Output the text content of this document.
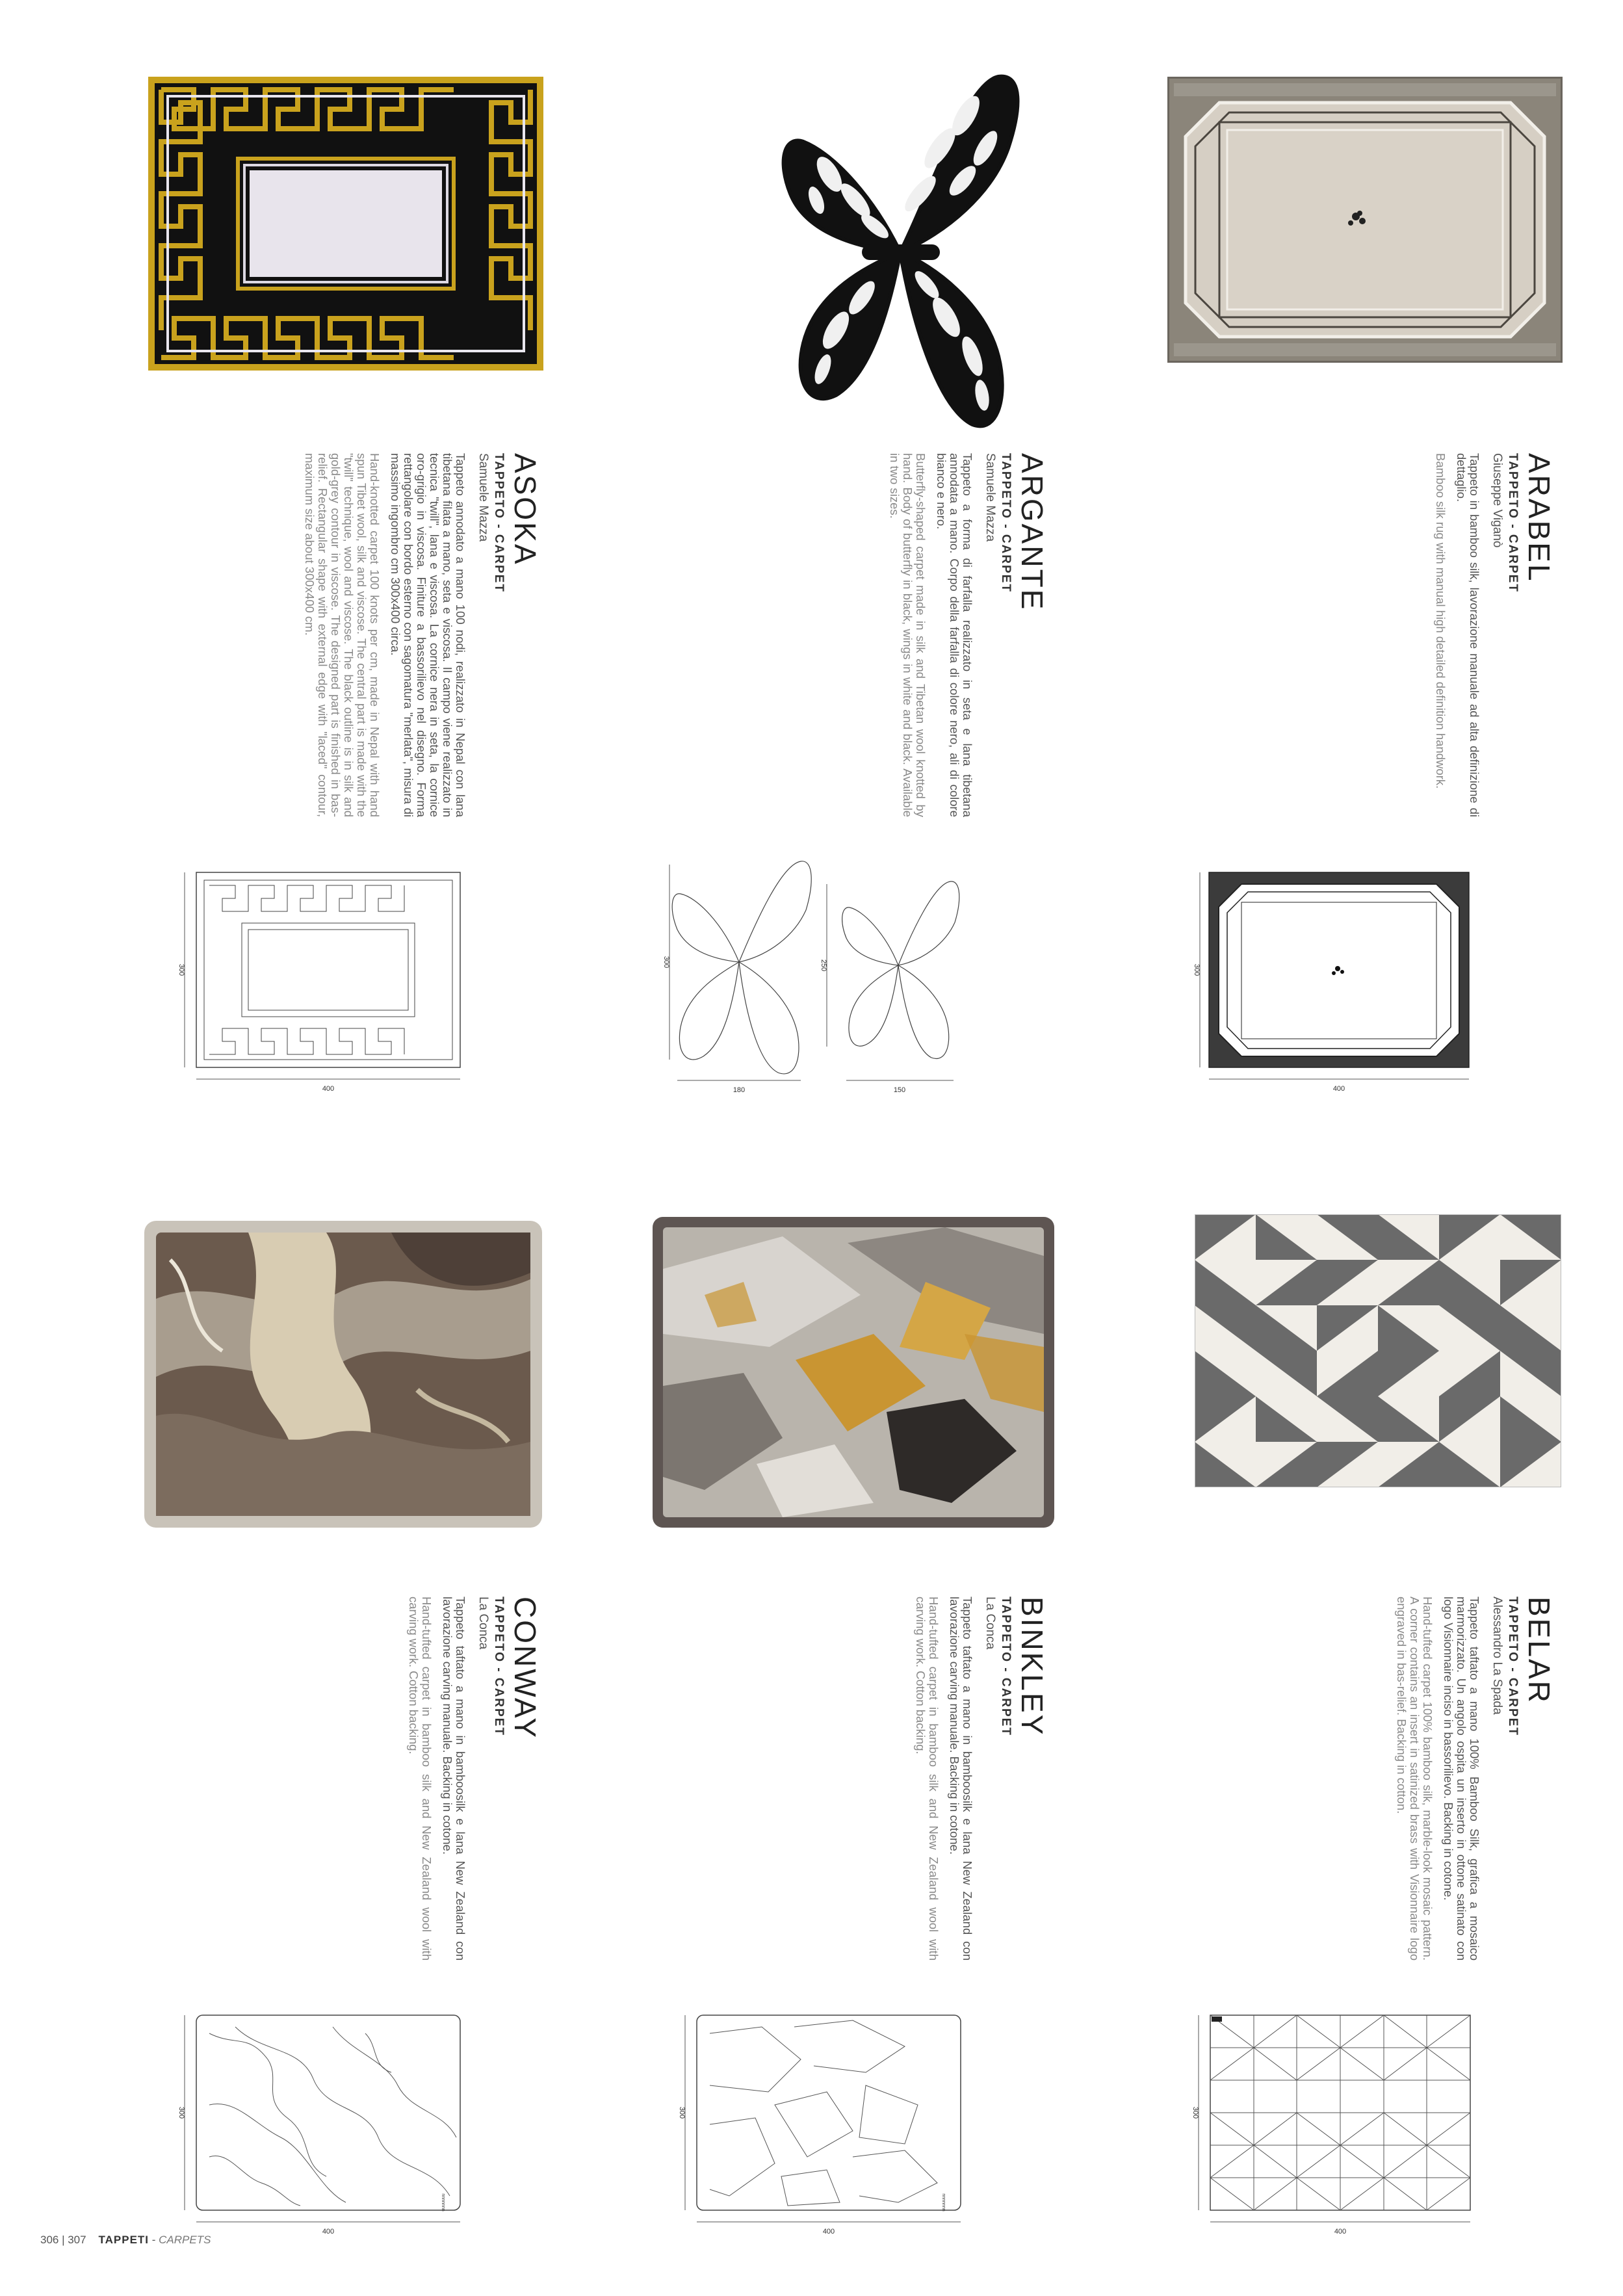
ASOKA

TAPPETO - CARPET

Samuele Mazza

Tappeto annodato a mano 100 nodi, realizzato in Nepal con lana tibetana filata a mano, seta e viscosa. Il campo viene realizzato in tecnica "twill", lana e viscosa. La cornice nera in seta, la cornice oro-grigio in viscosa. Finiture a bassorilievo nel disegno. Forma rettangolare con bordo esterno con sagomatura "merlata", misura di massimo ingombro cm 300x400 circa.

Hand-knotted carpet 100 knots per cm, made in Nepal with hand spun Tibet wool, silk and viscose. The central part is made with the "twill" technique, wool and viscose. The black outline is in silk and gold-grey contour in viscose. The designed part is finished in bas-relief. Rectangular shape with external edge with "laced" contour, maximum size about 300x400 cm.	ARGANTE

TAPPETO - CARPET

Samuele Mazza

Tappeto a forma di farfalla realizzato in seta e lana tibetana annodata a mano. Corpo della farfalla di colore nero, ali di colore bianco e nero.

Butterfly-shaped carpet made in silk and Tibetan wool knotted by hand. Body of butterfly in black, wings in white and black. Available in two sizes.	ARABEL

TAPPETO - CARPET

Giuseppe Viganò

Tappeto in bamboo silk, lavorazione manuale ad alta definizione di dettaglio.

Bamboo silk rug with manual high detailed definition handwork.

300
400
300
180
250
150
300
400

CONWAY

TAPPETO - CARPET

La Conca

Tappeto taftato a mano in bamboosilk e lana New Zealand con lavorazione carving manuale. Backing in cotone.

Hand-tufted carpet in bamboo silk and New Zealand wool with carving work. Cotton backing.	BINKLEY

TAPPETO - CARPET

La Conca

Tappeto taftato a mano in bamboosilk e lana New Zealand con lavorazione carving manuale. Backing in cotone.

Hand-tufted carpet in bamboo silk and New Zealand wool with carving work. Cotton backing.	BELAR

TAPPETO - CARPET

Alessandro La Spada

Tappeto taftato a mano 100% Bamboo Silk, grafica a mosaico marmorizzato. Un angolo ospita un inserto in ottone satinato con logo Visionnaire inciso in bassorilievo. Backing in cotone.

Hand-tufted carpet 100% bamboo silk, marble-look mosaic pattern. A corner contains an insert in satinized brass with Visionnaire logo engraved in bas-relief. Backing in cotton.

300
nnnnnnn
400
300
nnnnnnn
400
300
400
306 | 307 TAPPETI - CARPETS
